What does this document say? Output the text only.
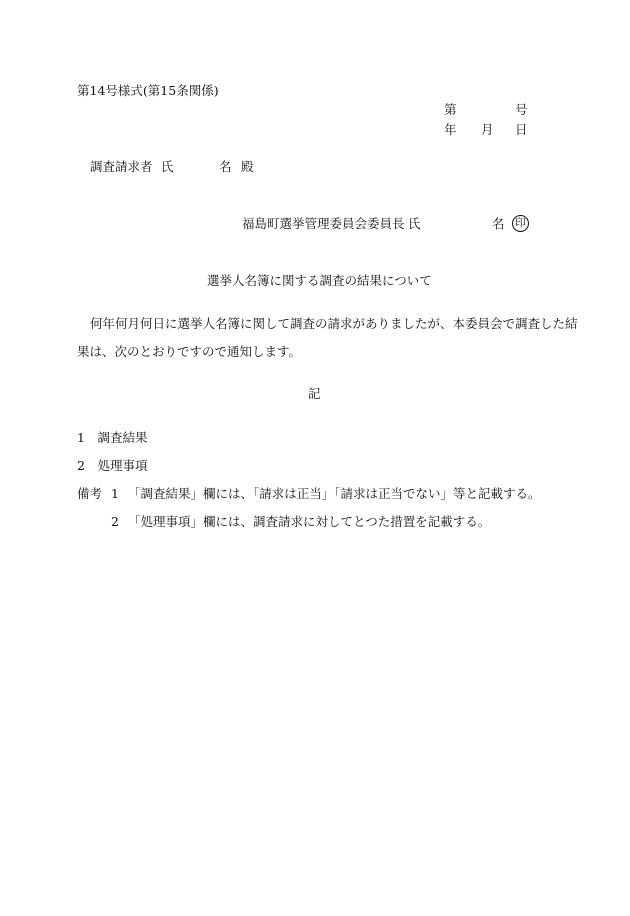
第14号様式(第15条関係)
第	号
年 月 日
調査請求者 氏	名 殿
福島町選挙管理委員会委員長 氏	名	印
選挙人名簿に関する調査の結果について
何年何月何日に選挙人名簿に関して調査の請求がありましたが、本委員会で調査した結
果は、次のとおりですので通知します。
記
1　調査結果
2　処理事項
備考 1 「調査結果」欄には、「請求は正当」「請求は正当でない」等と記載する。
2 「処理事項」欄には、調査請求に対してとつた措置を記載する。
